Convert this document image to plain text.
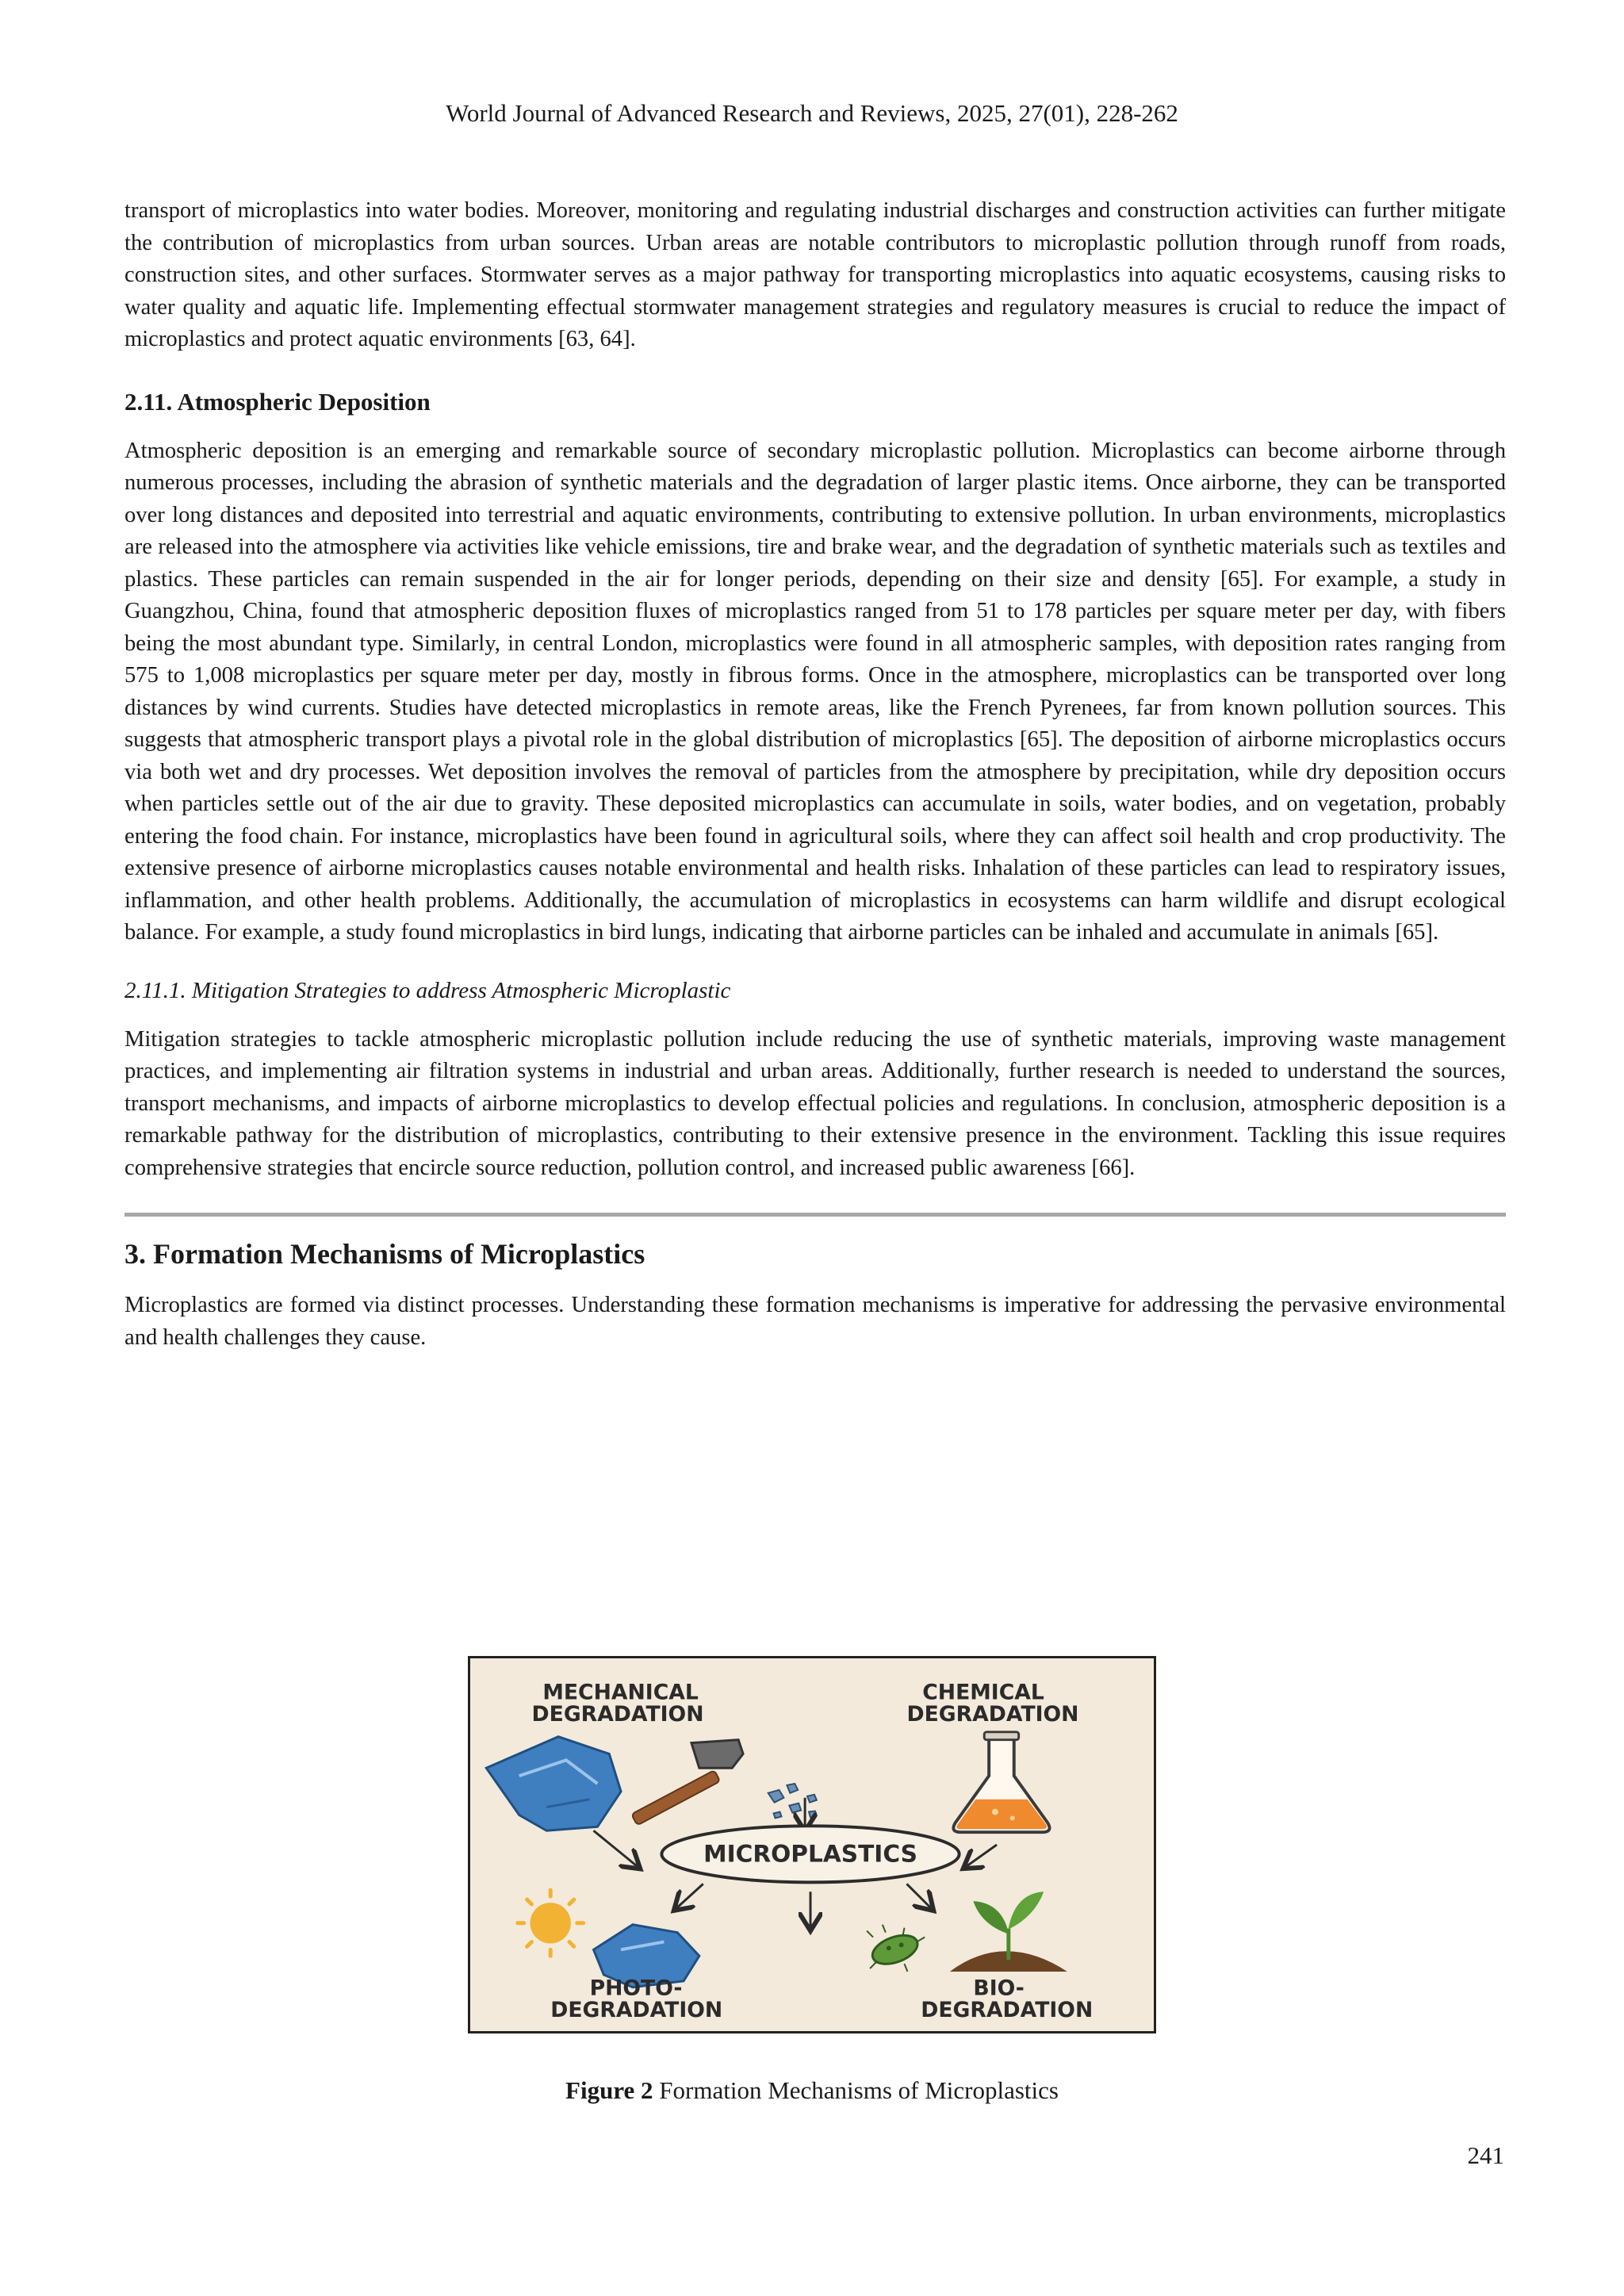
World Journal of Advanced Research and Reviews, 2025, 27(01), 228-262

transport of microplastics into water bodies. Moreover, monitoring and regulating industrial discharges and construction activities can further mitigate the contribution of microplastics from urban sources. Urban areas are notable contributors to microplastic pollution through runoff from roads, construction sites, and other surfaces. Stormwater serves as a major pathway for transporting microplastics into aquatic ecosystems, causing risks to water quality and aquatic life. Implementing effectual stormwater management strategies and regulatory measures is crucial to reduce the impact of microplastics and protect aquatic environments [63, 64].

2.11. Atmospheric Deposition

Atmospheric deposition is an emerging and remarkable source of secondary microplastic pollution. Microplastics can become airborne through numerous processes, including the abrasion of synthetic materials and the degradation of larger plastic items. Once airborne, they can be transported over long distances and deposited into terrestrial and aquatic environments, contributing to extensive pollution. In urban environments, microplastics are released into the atmosphere via activities like vehicle emissions, tire and brake wear, and the degradation of synthetic materials such as textiles and plastics. These particles can remain suspended in the air for longer periods, depending on their size and density [65]. For example, a study in Guangzhou, China, found that atmospheric deposition fluxes of microplastics ranged from 51 to 178 particles per square meter per day, with fibers being the most abundant type. Similarly, in central London, microplastics were found in all atmospheric samples, with deposition rates ranging from 575 to 1,008 microplastics per square meter per day, mostly in fibrous forms. Once in the atmosphere, microplastics can be transported over long distances by wind currents. Studies have detected microplastics in remote areas, like the French Pyrenees, far from known pollution sources. This suggests that atmospheric transport plays a pivotal role in the global distribution of microplastics [65]. The deposition of airborne microplastics occurs via both wet and dry processes. Wet deposition involves the removal of particles from the atmosphere by precipitation, while dry deposition occurs when particles settle out of the air due to gravity. These deposited microplastics can accumulate in soils, water bodies, and on vegetation, probably entering the food chain. For instance, microplastics have been found in agricultural soils, where they can affect soil health and crop productivity. The extensive presence of airborne microplastics causes notable environmental and health risks. Inhalation of these particles can lead to respiratory issues, inflammation, and other health problems. Additionally, the accumulation of microplastics in ecosystems can harm wildlife and disrupt ecological balance. For example, a study found microplastics in bird lungs, indicating that airborne particles can be inhaled and accumulate in animals [65].

2.11.1. Mitigation Strategies to address Atmospheric Microplastic

Mitigation strategies to tackle atmospheric microplastic pollution include reducing the use of synthetic materials, improving waste management practices, and implementing air filtration systems in industrial and urban areas. Additionally, further research is needed to understand the sources, transport mechanisms, and impacts of airborne microplastics to develop effectual policies and regulations. In conclusion, atmospheric deposition is a remarkable pathway for the distribution of microplastics, contributing to their extensive presence in the environment. Tackling this issue requires comprehensive strategies that encircle source reduction, pollution control, and increased public awareness [66].

3. Formation Mechanisms of Microplastics

Microplastics are formed via distinct processes. Understanding these formation mechanisms is imperative for addressing the pervasive environmental and health challenges they cause.

MECHANICAL
DEGRADATION
CHEMICAL
DEGRADATION
MICROPLASTICS
PHOTO-
DEGRADATION
BIO-
DEGRADATION
Figure 2 Formation Mechanisms of Microplastics
241
